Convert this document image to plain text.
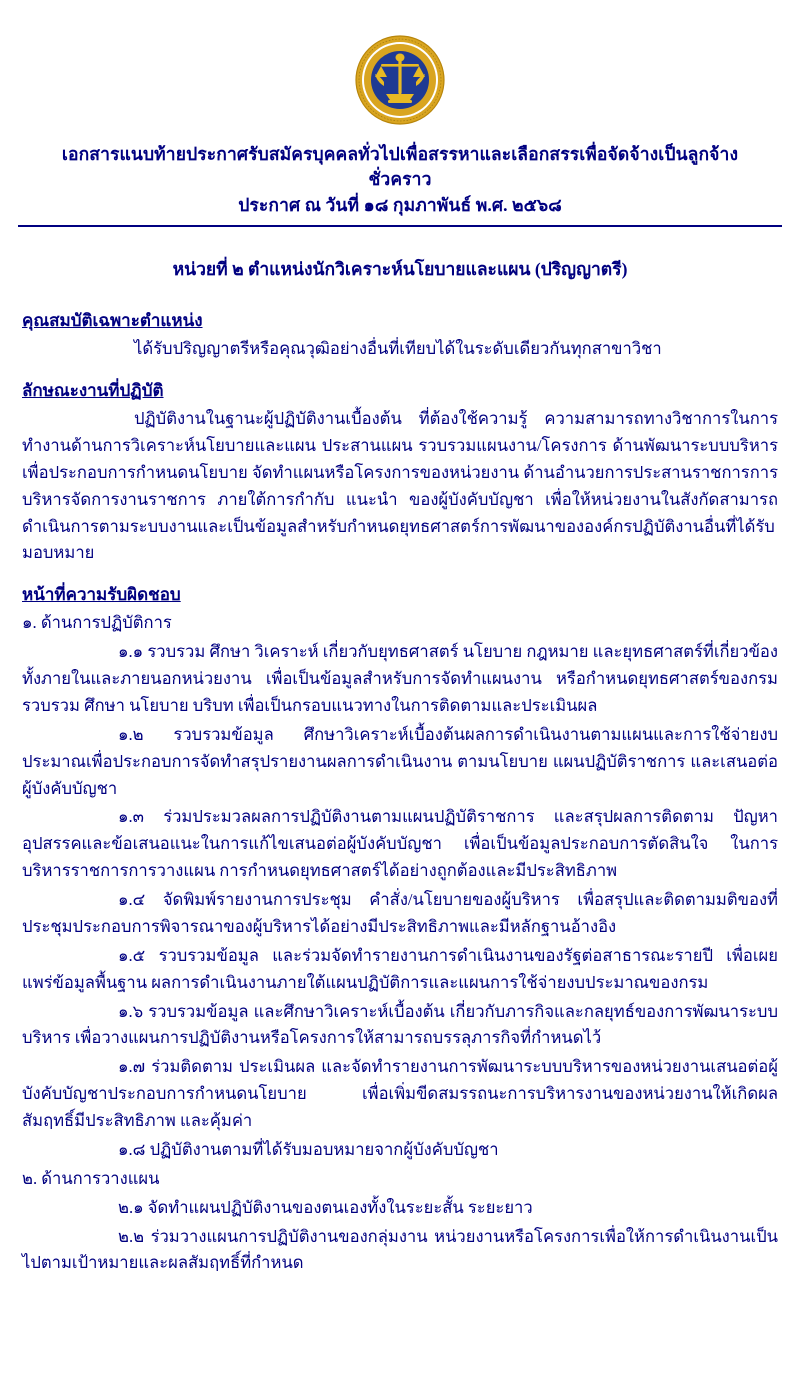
เอกสารแนบท้ายประกาศรับสมัครบุคคลทั่วไปเพื่อสรรหาและเลือกสรรเพื่อจัดจ้างเป็นลูกจ้างชั่วคราว
ประกาศ ณ วันที่ ๑๘ กุมภาพันธ์ พ.ศ. ๒๕๖๘
หน่วยที่ ๒ ตำแหน่งนักวิเคราะห์นโยบายและแผน (ปริญญาตรี)
คุณสมบัติเฉพาะตำแหน่ง

ได้รับปริญญาตรีหรือคุณวุฒิอย่างอื่นที่เทียบได้ในระดับเดียวกันทุกสาขาวิชา

ลักษณะงานที่ปฏิบัติ

ปฏิบัติงานในฐานะผู้ปฏิบัติงานเบื้องต้น ที่ต้องใช้ความรู้ ความสามารถทางวิชาการในการทำงานด้านการวิเคราะห์นโยบายและแผน ประสานแผน รวบรวมแผนงาน/โครงการ ด้านพัฒนาระบบบริหาร เพื่อประกอบการกำหนดนโยบาย จัดทำแผนหรือโครงการของหน่วยงาน ด้านอำนวยการประสานราชการการบริหารจัดการงานราชการ ภายใต้การกำกับ แนะนำ ของผู้บังคับบัญชา เพื่อให้หน่วยงานในสังกัดสามารถดำเนินการตามระบบงานและเป็นข้อมูลสำหรับกำหนดยุทธศาสตร์การพัฒนาขององค์กรปฏิบัติงานอื่นที่ได้รับมอบหมาย

หน้าที่ความรับผิดชอบ

๑. ด้านการปฏิบัติการ

๑.๑ รวบรวม ศึกษา วิเคราะห์ เกี่ยวกับยุทธศาสตร์ นโยบาย กฎหมาย และยุทธศาสตร์ที่เกี่ยวข้องทั้งภายในและภายนอกหน่วยงาน เพื่อเป็นข้อมูลสำหรับการจัดทำแผนงาน หรือกำหนดยุทธศาสตร์ของกรมรวบรวม ศึกษา นโยบาย บริบท เพื่อเป็นกรอบแนวทางในการติดตามและประเมินผล

๑.๒ รวบรวมข้อมูล ศึกษาวิเคราะห์เบื้องต้นผลการดำเนินงานตามแผนและการใช้จ่ายงบประมาณเพื่อประกอบการจัดทำสรุปรายงานผลการดำเนินงาน ตามนโยบาย แผนปฏิบัติราชการ และเสนอต่อผู้บังคับบัญชา

๑.๓ ร่วมประมวลผลการปฏิบัติงานตามแผนปฏิบัติราชการ และสรุปผลการติดตาม ปัญหาอุปสรรคและข้อเสนอแนะในการแก้ไขเสนอต่อผู้บังคับบัญชา เพื่อเป็นข้อมูลประกอบการตัดสินใจ ในการบริหารราชการการวางแผน การกำหนดยุทธศาสตร์ได้อย่างถูกต้องและมีประสิทธิภาพ

๑.๔ จัดพิมพ์รายงานการประชุม คำสั่ง/นโยบายของผู้บริหาร เพื่อสรุปและติดตามมติของที่ประชุมประกอบการพิจารณาของผู้บริหารได้อย่างมีประสิทธิภาพและมีหลักฐานอ้างอิง

๑.๕ รวบรวมข้อมูล และร่วมจัดทำรายงานการดำเนินงานของรัฐต่อสาธารณะรายปี เพื่อเผยแพร่ข้อมูลพื้นฐาน ผลการดำเนินงานภายใต้แผนปฏิบัติการและแผนการใช้จ่ายงบประมาณของกรม

๑.๖ รวบรวมข้อมูล และศึกษาวิเคราะห์เบื้องต้น เกี่ยวกับภารกิจและกลยุทธ์ของการพัฒนาระบบบริหาร เพื่อวางแผนการปฏิบัติงานหรือโครงการให้สามารถบรรลุภารกิจที่กำหนดไว้

๑.๗ ร่วมติดตาม ประเมินผล และจัดทำรายงานการพัฒนาระบบบริหารของหน่วยงานเสนอต่อผู้บังคับบัญชาประกอบการกำหนดนโยบาย เพื่อเพิ่มขีดสมรรถนะการบริหารงานของหน่วยงานให้เกิดผลสัมฤทธิ์มีประสิทธิภาพ และคุ้มค่า

๑.๘ ปฏิบัติงานตามที่ได้รับมอบหมายจากผู้บังคับบัญชา

๒. ด้านการวางแผน

๒.๑ จัดทำแผนปฏิบัติงานของตนเองทั้งในระยะสั้น ระยะยาว

๒.๒ ร่วมวางแผนการปฏิบัติงานของกลุ่มงาน หน่วยงานหรือโครงการเพื่อให้การดำเนินงานเป็นไปตามเป้าหมายและผลสัมฤทธิ์ที่กำหนด
